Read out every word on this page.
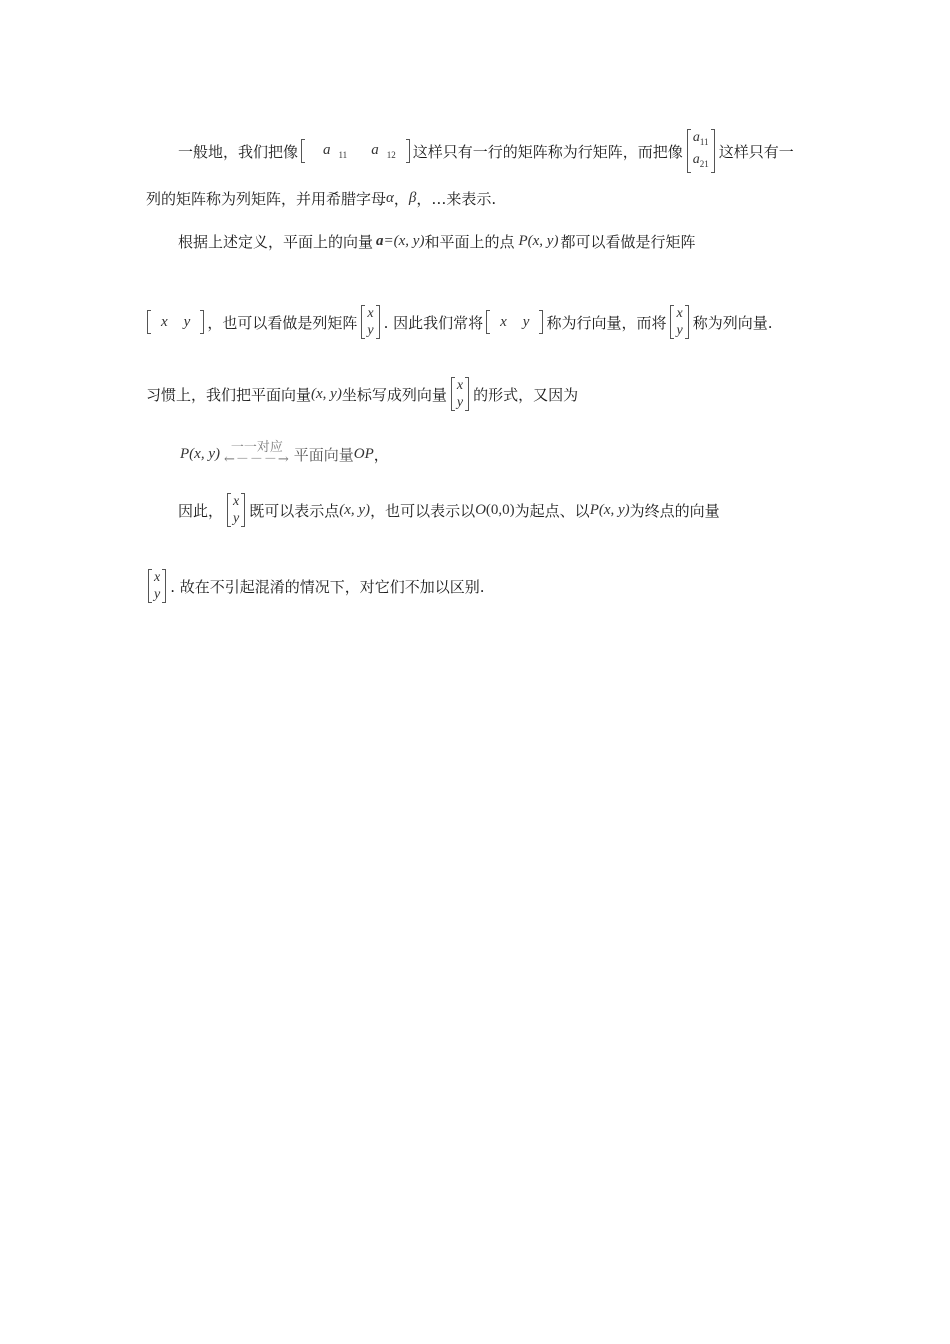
一般地，我们把像	a $_{11}$	a $_{12}$ 这样只有一行的矩阵称为行矩阵，而把像
$a_{11}$
$a_{21}$
这样只有一
列的矩阵称为列矩阵，并用希腊字母 α ， β ，…来表示.
根据上述定义，平面上的向量 a =(x, y) 和平面上的点 P (x, y) 都可以看做是行矩阵
x y ，也可以看做是列矩阵 x
y . 因此我们常将 x y 称为行向量，而将 x
y 称为列向量.
习惯上，我们把平面向量 (x, y) 坐标写成列向量 x
y 的形式，又因为
P(x, y) 一一对应
←－－－→ 平面向量 OP ，
因此， x
y 既可以表示点 (x, y) ，也可以表示以 O (0,0) 为起点、以 P (x, y) 为终点的向量
x
y . 故在不引起混淆的情况下，对它们不加以区别.
